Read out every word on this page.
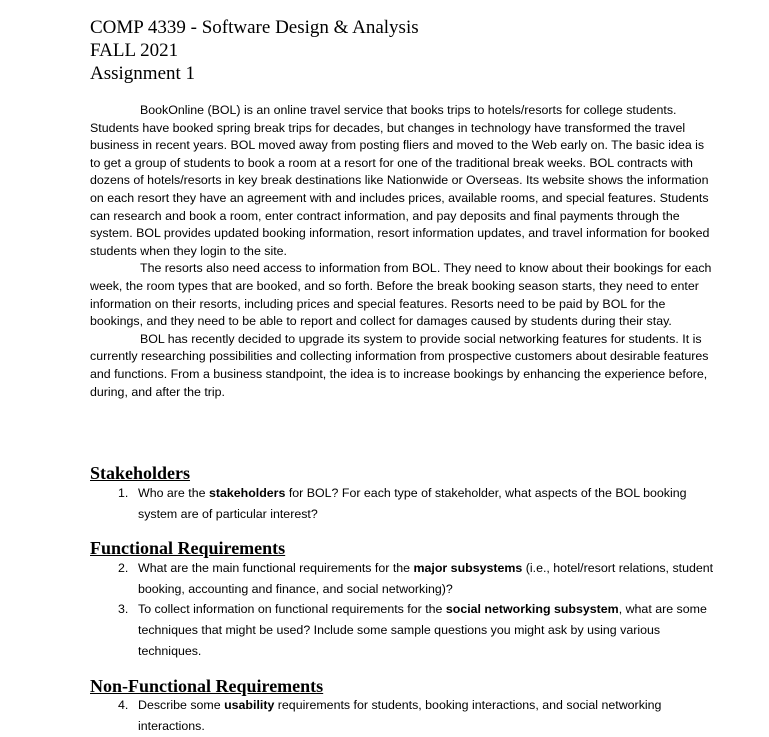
COMP 4339 - Software Design & Analysis
FALL 2021
Assignment 1

BookOnline (BOL) is an online travel service that books trips to hotels/resorts for college students. Students have booked spring break trips for decades, but changes in technology have transformed the travel business in recent years. BOL moved away from posting fliers and moved to the Web early on. The basic idea is to get a group of students to book a room at a resort for one of the traditional break weeks. BOL contracts with dozens of hotels/resorts in key break destinations like Nationwide or Overseas. Its website shows the information on each resort they have an agreement with and includes prices, available rooms, and special features. Students can research and book a room, enter contract information, and pay deposits and final payments through the system. BOL provides updated booking information, resort information updates, and travel information for booked students when they login to the site.

The resorts also need access to information from BOL. They need to know about their bookings for each week, the room types that are booked, and so forth. Before the break booking season starts, they need to enter information on their resorts, including prices and special features. Resorts need to be paid by BOL for the bookings, and they need to be able to report and collect for damages caused by students during their stay.

BOL has recently decided to upgrade its system to provide social networking features for students. It is currently researching possibilities and collecting information from prospective customers about desirable features and functions. From a business standpoint, the idea is to increase bookings by enhancing the experience before, during, and after the trip.

Stakeholders
1. Who are the stakeholders for BOL? For each type of stakeholder, what aspects of the BOL booking system are of particular interest?
Functional Requirements
2. What are the main functional requirements for the major subsystems (i.e., hotel/resort relations, student booking, accounting and finance, and social networking)?
3. To collect information on functional requirements for the social networking subsystem, what are some techniques that might be used? Include some sample questions you might ask by using various techniques.
Non-Functional Requirements
4. Describe some usability requirements for students, booking interactions, and social networking interactions.
